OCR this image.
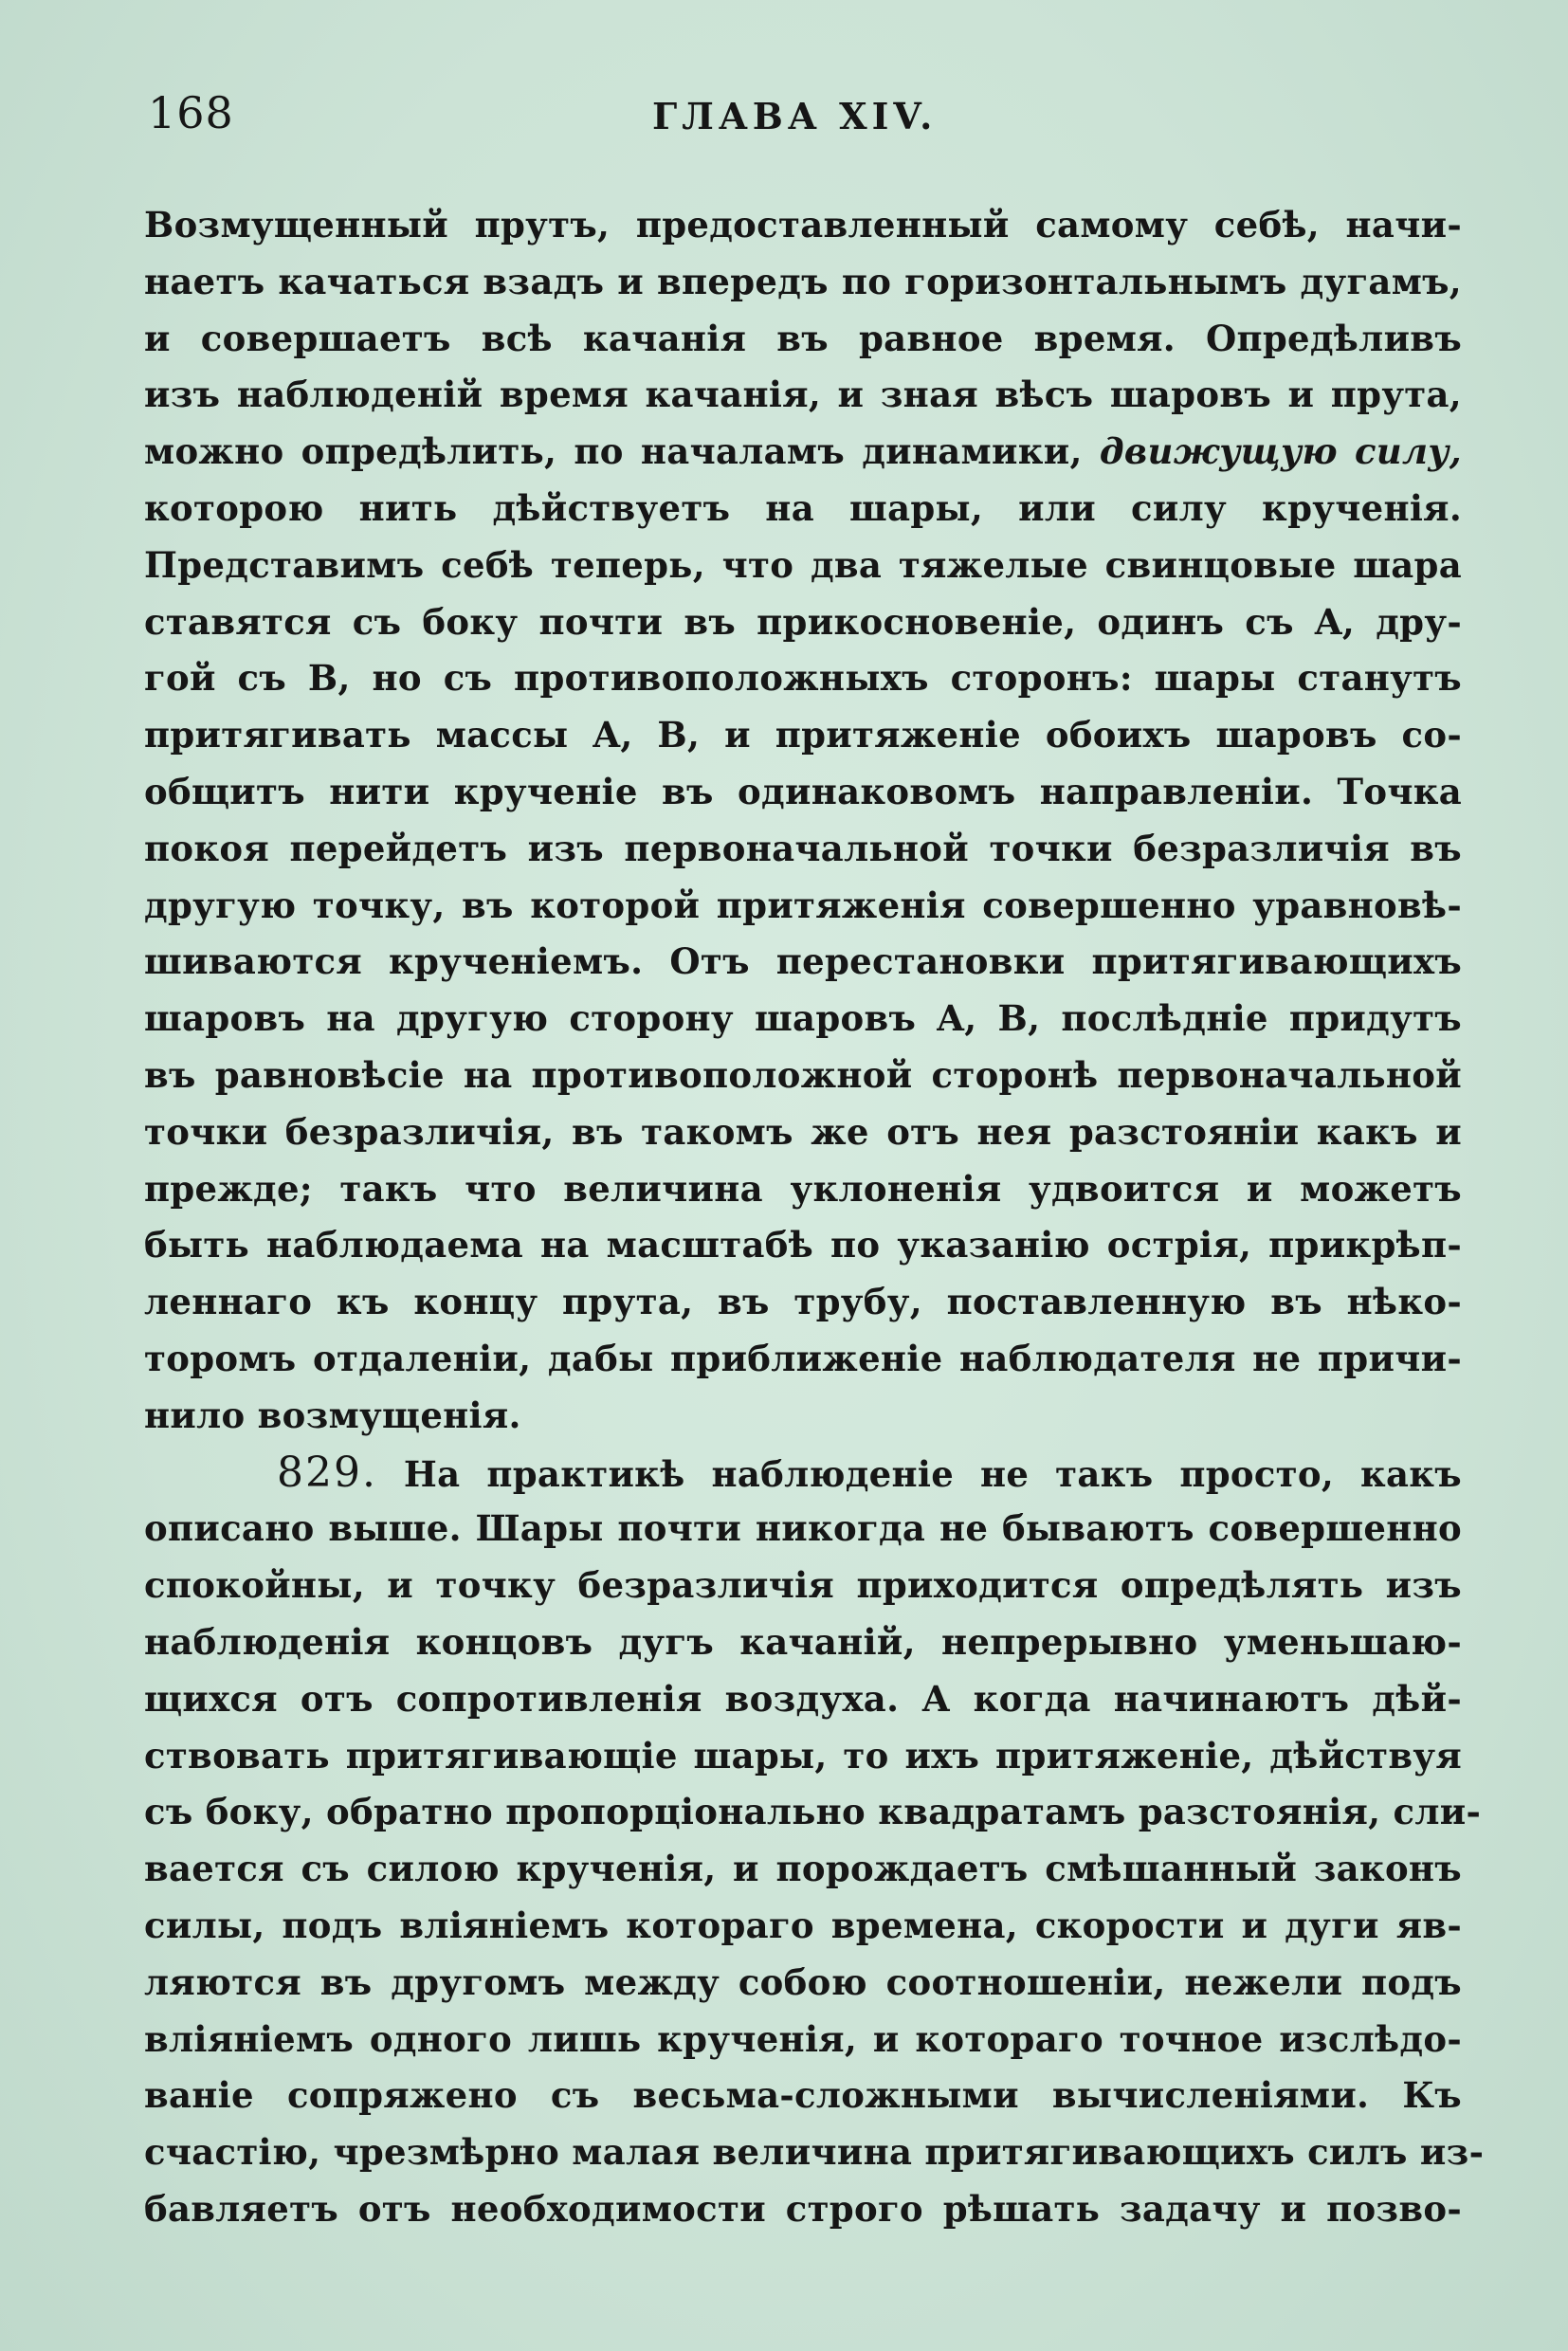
168	ГЛАВА XIV.
Возмущенный прутъ, предоставленный самому себѣ, начи-
наетъ качаться взадъ и впередъ по горизонтальнымъ дугамъ,
и совершаетъ всѣ качанія въ равное время. Опредѣливъ
изъ наблюденій время качанія, и зная вѣсъ шаровъ и прута,
можно опредѣлить, по началамъ динамики, движущую силу,
которою нить дѣйствуетъ на шары, или силу крученія.
Представимъ себѣ теперь, что два тяжелые свинцовые шара
ставятся съ боку почти въ прикосновеніе, одинъ съ A, дру-
гой съ B, но съ противоположныхъ сторонъ: шары станутъ
притягивать массы A, B, и притяженіе обоихъ шаровъ со-
общитъ нити крученіе въ одинаковомъ направленіи. Точка
покоя перейдетъ изъ первоначальной точки безразличія въ
другую точку, въ которой притяженія совершенно уравновѣ-
шиваются крученіемъ. Отъ перестановки притягивающихъ
шаровъ на другую сторону шаровъ A, B, послѣдніе придутъ
въ равновѣсіе на противоположной сторонѣ первоначальной
точки безразличія, въ такомъ же отъ нея разстояніи какъ и
прежде; такъ что величина уклоненія удвоится и можетъ
быть наблюдаема на масштабѣ по указанію острія, прикрѣп-
леннаго къ концу прута, въ трубу, поставленную въ нѣко-
торомъ отдаленіи, дабы приближеніе наблюдателя не причи-
нило возмущенія.
829. На практикѣ наблюденіе не такъ просто, какъ
описано выше. Шары почти никогда не бываютъ совершенно
спокойны, и точку безразличія приходится опредѣлять изъ
наблюденія концовъ дугъ качаній, непрерывно уменьшаю-
щихся отъ сопротивленія воздуха. А когда начинаютъ дѣй-
ствовать притягивающіе шары, то ихъ притяженіе, дѣйствуя
съ боку, обратно пропорціонально квадратамъ разстоянія, сли-
вается съ силою крученія, и порождаетъ смѣшанный законъ
силы, подъ вліяніемъ котораго времена, скорости и дуги яв-
ляются въ другомъ между собою соотношеніи, нежели подъ
вліяніемъ одного лишь крученія, и котораго точное изслѣдо-
ваніе сопряжено съ весьма-сложными вычисленіями. Къ
счастію, чрезмѣрно малая величина притягивающихъ силъ из-
бавляетъ отъ необходимости строго рѣшать задачу и позво-
